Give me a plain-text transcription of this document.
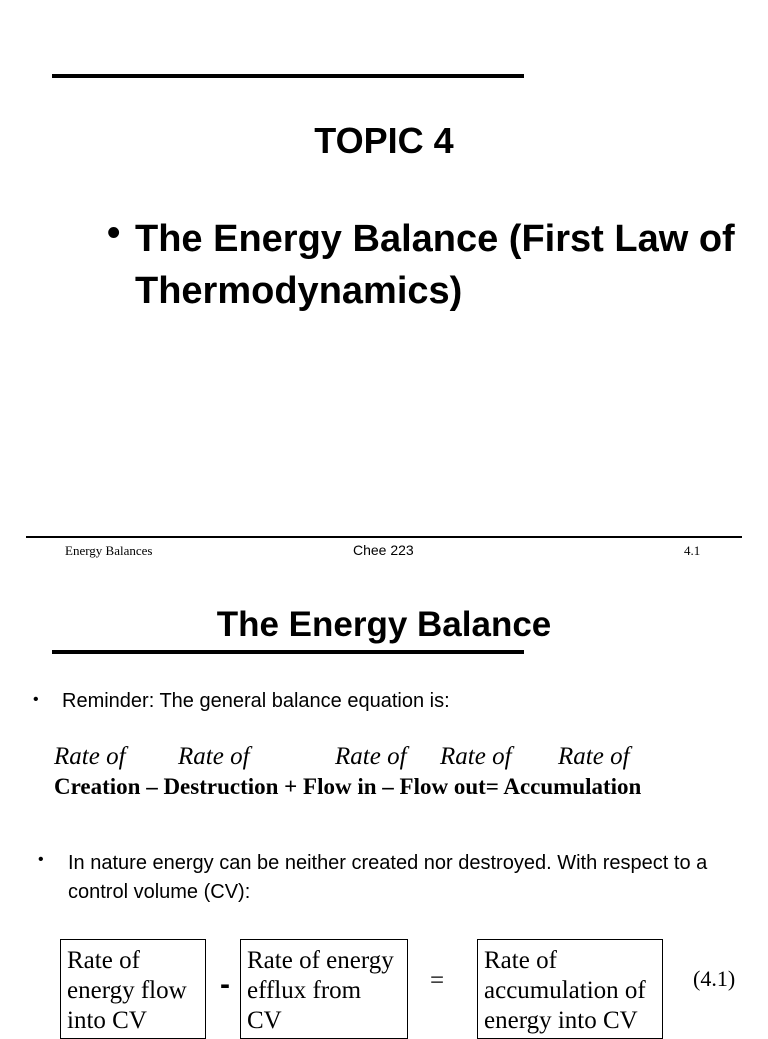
TOPIC 4
• The Energy Balance (First Law of Thermodynamics)
Energy Balances	Chee 223	4.1
The Energy Balance
• Reminder: The general balance equation is:
Rate of Rate of	Rate of Rate of Rate of
Creation – Destruction + Flow in – Flow out= Accumulation
• In nature energy can be neither created nor destroyed. With respect to a control volume (CV):
Rate of energy flow into CV
-
Rate of energy efflux from CV
=
Rate of accumulation of energy into CV
(4.1)
